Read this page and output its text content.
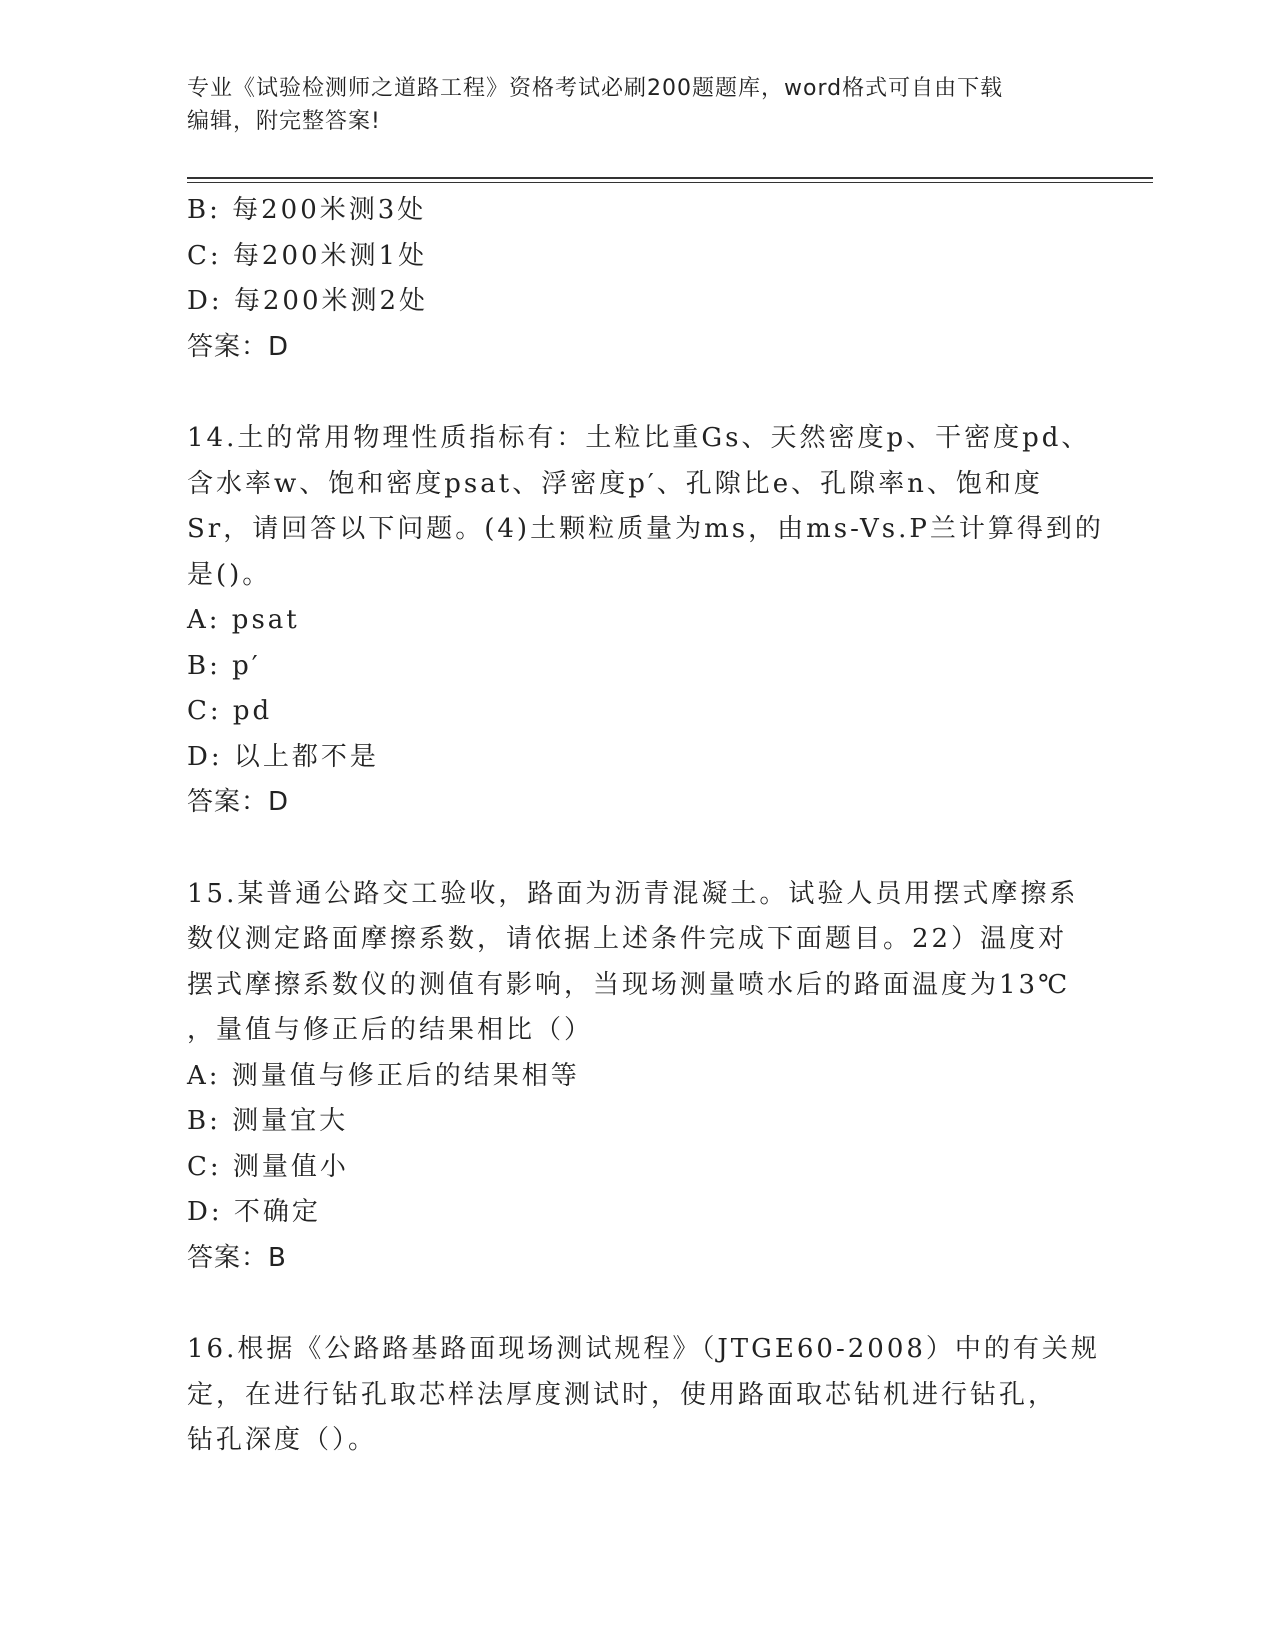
专业《试验检测师之道路工程》资格考试必刷200题题库，word格式可自由下载
编辑，附完整答案!
B: 每200米测3处
C: 每200米测1处
D: 每200米测2处
答案：D
14.土的常用物理性质指标有：土粒比重Gs、天然密度p、干密度pd、
含水率w、饱和密度psat、浮密度p′、孔隙比e、孔隙率n、饱和度
Sr，请回答以下问题。(4)土颗粒质量为ms，由ms-Vs.P兰计算得到的
是()。
A: psat
B: p′
C: pd
D: 以上都不是
答案：D
15.某普通公路交工验收，路面为沥青混凝土。试验人员用摆式摩擦系
数仪测定路面摩擦系数，请依据上述条件完成下面题目。22）温度对
摆式摩擦系数仪的测值有影响，当现场测量喷水后的路面温度为13℃
，量值与修正后的结果相比（）
A: 测量值与修正后的结果相等
B: 测量宜大
C: 测量值小
D: 不确定
答案：B
16.根据《公路路基路面现场测试规程》（JTGE60-2008）中的有关规
定，在进行钻孔取芯样法厚度测试时，使用路面取芯钻机进行钻孔，
钻孔深度（）。
